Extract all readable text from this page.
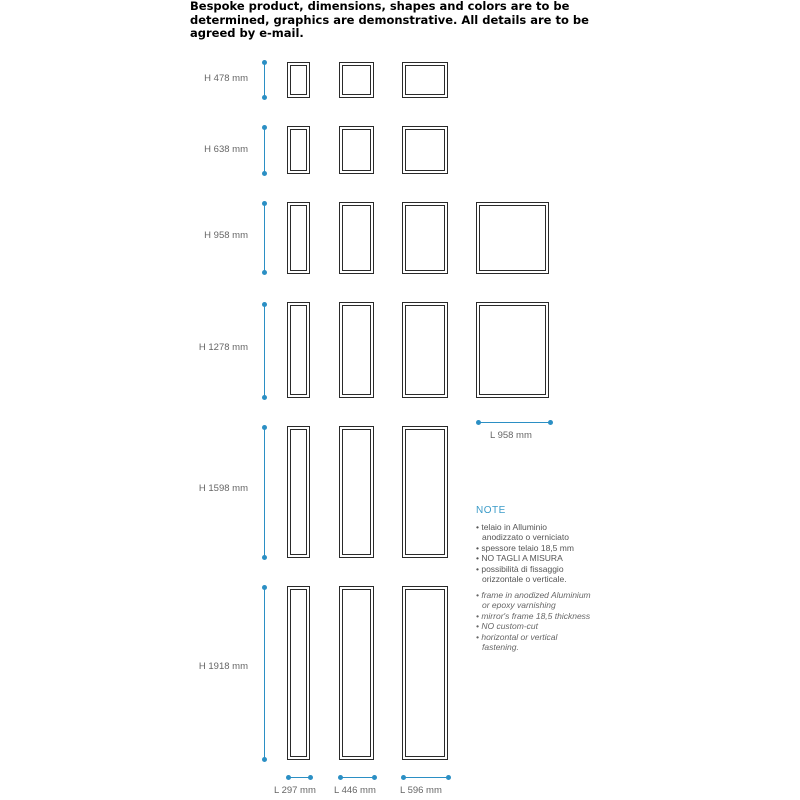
Bespoke product, dimensions, shapes and colors are to be determined, graphics are demonstrative. All details are to be agreed by e-mail.
H 478 mm
H 638 mm
H 958 mm
H 1278 mm
H 1598 mm
H 1918 mm
L 958 mm
L 297 mm L 446 mm	L 596 mm
NOTE

• telaio in Alluminio

anodizzato o verniciato

• spessore telaio 18,5 mm

• NO TAGLI A MISURA

• possibilità di fissaggio

orizzontale o verticale.

• frame in anodized Aluminium

or epoxy varnishing

• mirror's frame 18,5 thickness

• NO custom-cut

• horizontal or vertical

fastening.
